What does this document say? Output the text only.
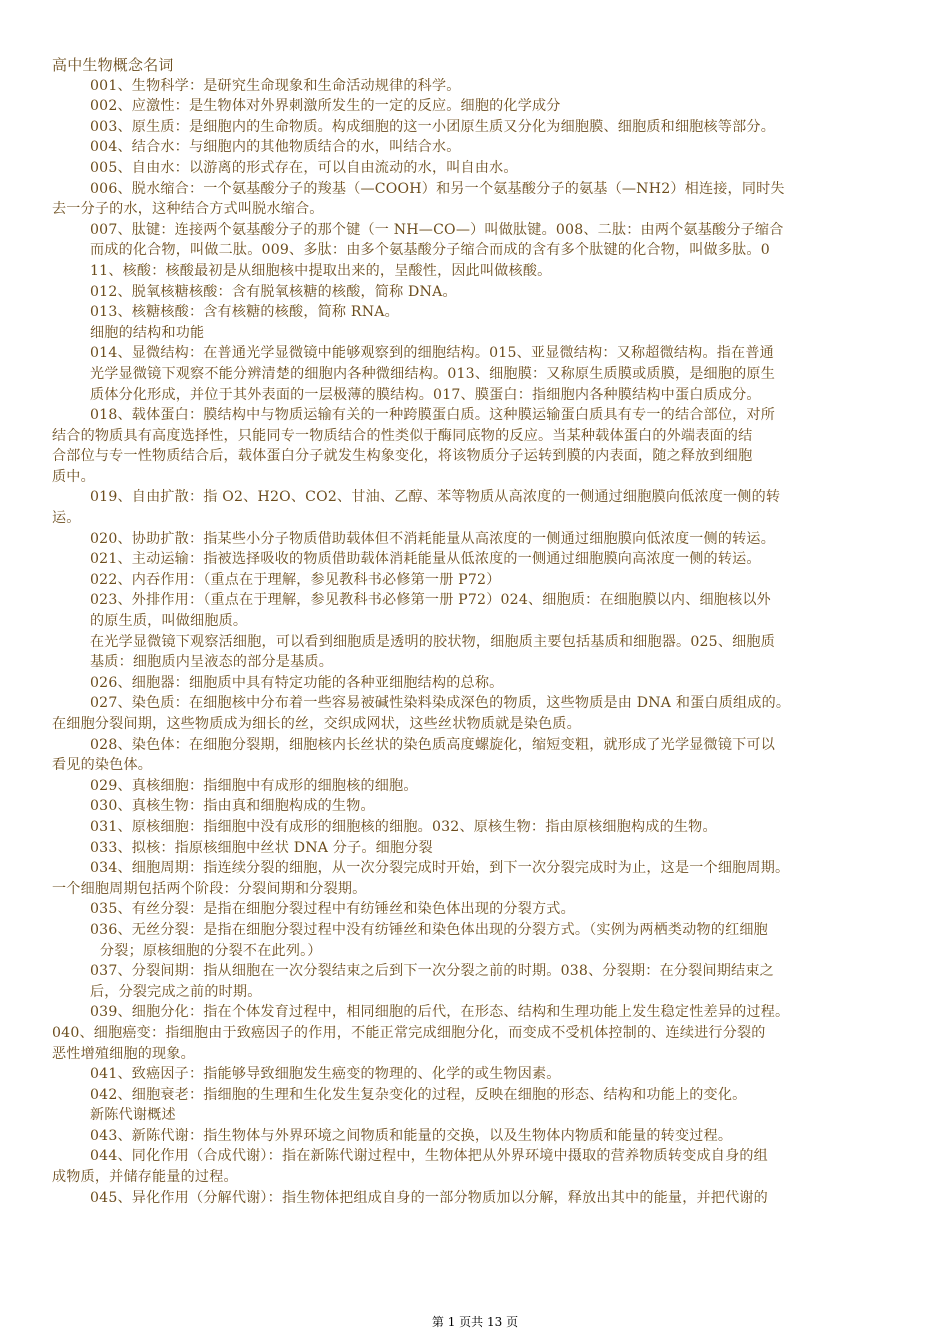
高中生物概念名词
001、生物科学：是研究生命现象和生命活动规律的科学。
002、应激性：是生物体对外界刺激所发生的一定的反应。细胞的化学成分
003、原生质：是细胞内的生命物质。构成细胞的这一小团原生质又分化为细胞膜、细胞质和细胞核等部分。
004、结合水：与细胞内的其他物质结合的水，叫结合水。
005、自由水：以游离的形式存在，可以自由流动的水，叫自由水。
006、脱水缩合：一个氨基酸分子的羧基（—COOH）和另一个氨基酸分子的氨基（—NH2）相连接，同时失
去一分子的水，这种结合方式叫脱水缩合。
007、肽键：连接两个氨基酸分子的那个键（一 NH—CO—）叫做肽键。008、二肽：由两个氨基酸分子缩合
而成的化合物，叫做二肽。009、多肽：由多个氨基酸分子缩合而成的含有多个肽键的化合物，叫做多肽。0
11、核酸：核酸最初是从细胞核中提取出来的，呈酸性，因此叫做核酸。
012、脱氧核糖核酸：含有脱氧核糖的核酸，简称 DNA。
013、核糖核酸：含有核糖的核酸，简称 RNA。
细胞的结构和功能
014、显微结构：在普通光学显微镜中能够观察到的细胞结构。015、亚显微结构：又称超微结构。指在普通
光学显微镜下观察不能分辨清楚的细胞内各种微细结构。013、细胞膜：又称原生质膜或质膜，是细胞的原生
质体分化形成，并位于其外表面的一层极薄的膜结构。017、膜蛋白：指细胞内各种膜结构中蛋白质成分。
018、载体蛋白：膜结构中与物质运输有关的一种跨膜蛋白质。这种膜运输蛋白质具有专一的结合部位，对所
结合的物质具有高度选择性，只能同专一物质结合的性类似于酶同底物的反应。当某种载体蛋白的外端表面的结
合部位与专一性物质结合后，载体蛋白分子就发生构象变化，将该物质分子运转到膜的内表面，随之释放到细胞
质中。
019、自由扩散：指 O2、H2O、CO2、甘油、乙醇、苯等物质从高浓度的一侧通过细胞膜向低浓度一侧的转
运。
020、协助扩散：指某些小分子物质借助载体但不消耗能量从高浓度的一侧通过细胞膜向低浓度一侧的转运。
021、主动运输：指被选择吸收的物质借助载体消耗能量从低浓度的一侧通过细胞膜向高浓度一侧的转运。
022、内吞作用：（重点在于理解，参见教科书必修第一册 P72）
023、外排作用：（重点在于理解，参见教科书必修第一册 P72）024、细胞质：在细胞膜以内、细胞核以外
的原生质，叫做细胞质。
在光学显微镜下观察活细胞，可以看到细胞质是透明的胶状物，细胞质主要包括基质和细胞器。025、细胞质
基质：细胞质内呈液态的部分是基质。
026、细胞器：细胞质中具有特定功能的各种亚细胞结构的总称。
027、染色质：在细胞核中分布着一些容易被碱性染料染成深色的物质，这些物质是由 DNA 和蛋白质组成的。
在细胞分裂间期，这些物质成为细长的丝，交织成网状，这些丝状物质就是染色质。
028、染色体：在细胞分裂期，细胞核内长丝状的染色质高度螺旋化，缩短变粗，就形成了光学显微镜下可以
看见的染色体。
029、真核细胞：指细胞中有成形的细胞核的细胞。
030、真核生物：指由真和细胞构成的生物。
031、原核细胞：指细胞中没有成形的细胞核的细胞。032、原核生物：指由原核细胞构成的生物。
033、拟核：指原核细胞中丝状 DNA 分子。细胞分裂
034、细胞周期：指连续分裂的细胞，从一次分裂完成时开始，到下一次分裂完成时为止，这是一个细胞周期。
一个细胞周期包括两个阶段：分裂间期和分裂期。
035、有丝分裂：是指在细胞分裂过程中有纺锤丝和染色体出现的分裂方式。
036、无丝分裂：是指在细胞分裂过程中没有纺锤丝和染色体出现的分裂方式。（实例为两栖类动物的红细胞
分裂；原核细胞的分裂不在此列。）
037、分裂间期：指从细胞在一次分裂结束之后到下一次分裂之前的时期。038、分裂期：在分裂间期结束之
后，分裂完成之前的时期。
039、细胞分化：指在个体发育过程中，相同细胞的后代，在形态、结构和生理功能上发生稳定性差异的过程。
040、细胞癌变：指细胞由于致癌因子的作用，不能正常完成细胞分化，而变成不受机体控制的、连续进行分裂的
恶性增殖细胞的现象。
041、致癌因子：指能够导致细胞发生癌变的物理的、化学的或生物因素。
042、细胞衰老：指细胞的生理和生化发生复杂变化的过程，反映在细胞的形态、结构和功能上的变化。
新陈代谢概述
043、新陈代谢：指生物体与外界环境之间物质和能量的交换，以及生物体内物质和能量的转变过程。
044、同化作用（合成代谢）：指在新陈代谢过程中，生物体把从外界环境中摄取的营养物质转变成自身的组
成物质，并储存能量的过程。
045、异化作用（分解代谢）：指生物体把组成自身的一部分物质加以分解，释放出其中的能量，并把代谢的
第 1 页共 13 页
